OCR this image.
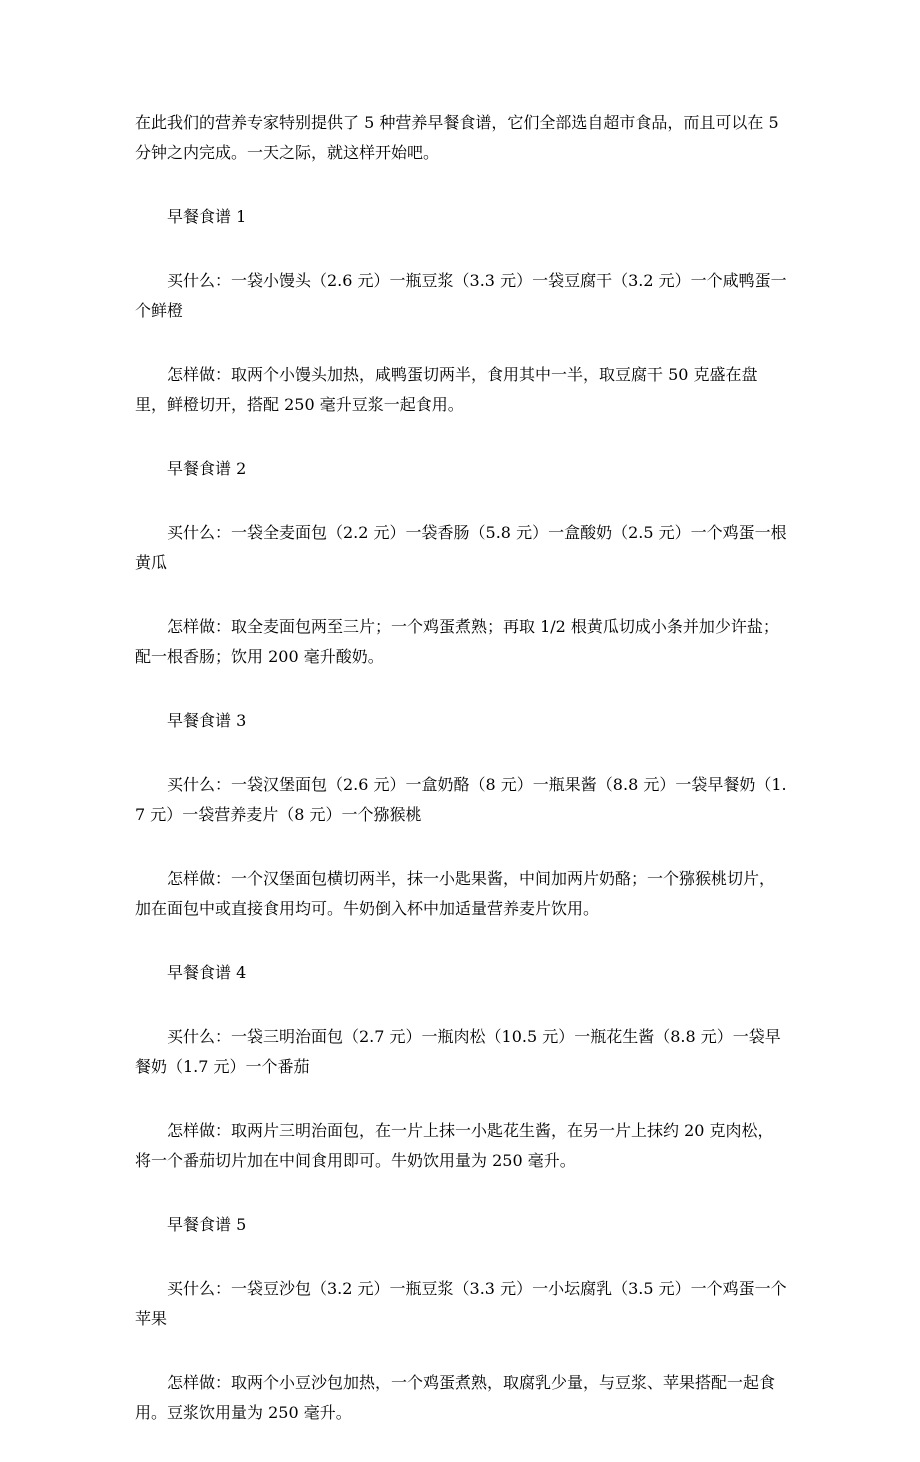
在此我们的营养专家特别提供了 5 种营养早餐食谱，它们全部选自超市食品，而且可以在 5 分钟之内完成。一天之际，就这样开始吧。

早餐食谱 1

买什么：一袋小馒头（2.6 元）一瓶豆浆（3.3 元）一袋豆腐干（3.2 元）一个咸鸭蛋一个鲜橙

怎样做：取两个小馒头加热，咸鸭蛋切两半，食用其中一半，取豆腐干 50 克盛在盘里，鲜橙切开，搭配 250 毫升豆浆一起食用。

早餐食谱 2

买什么：一袋全麦面包（2.2 元）一袋香肠（5.8 元）一盒酸奶（2.5 元）一个鸡蛋一根黄瓜

怎样做：取全麦面包两至三片；一个鸡蛋煮熟；再取 1/2 根黄瓜切成小条并加少许盐；配一根香肠；饮用 200 毫升酸奶。

早餐食谱 3

买什么：一袋汉堡面包（2.6 元）一盒奶酪（8 元）一瓶果酱（8.8 元）一袋早餐奶（1.7 元）一袋营养麦片（8 元）一个猕猴桃

怎样做：一个汉堡面包横切两半，抹一小匙果酱，中间加两片奶酪；一个猕猴桃切片，加在面包中或直接食用均可。牛奶倒入杯中加适量营养麦片饮用。

早餐食谱 4

买什么：一袋三明治面包（2.7 元）一瓶肉松（10.5 元）一瓶花生酱（8.8 元）一袋早餐奶（1.7 元）一个番茄

怎样做：取两片三明治面包，在一片上抹一小匙花生酱，在另一片上抹约 20 克肉松，将一个番茄切片加在中间食用即可。牛奶饮用量为 250 毫升。

早餐食谱 5

买什么：一袋豆沙包（3.2 元）一瓶豆浆（3.3 元）一小坛腐乳（3.5 元）一个鸡蛋一个苹果

怎样做：取两个小豆沙包加热，一个鸡蛋煮熟，取腐乳少量，与豆浆、苹果搭配一起食用。豆浆饮用量为 250 毫升。
